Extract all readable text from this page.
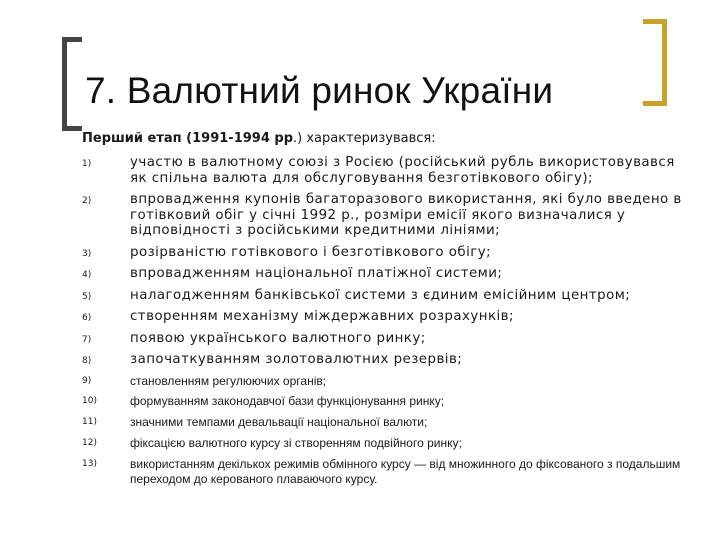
7. Валютний ринок України

Перший етап (1991-1994 рр.) характеризувався:

1)	участю в валютному союзі з Росією (російський рубль використовувався як спільна валюта для обслуговування безготівкового обігу);
2)	впровадження купонів багаторазового використання, які було введено в готівковий обіг у січні 1992 р., розміри емісії якого визначалися у відповідності з російськими кредитними лініями;
3)	розірваністю готівкового і безготівкового обігу;
4)	впровадженням національної платіжної системи;
5)	налагодженням банківської системи з єдиним емісійним центром;
6)	створенням механізму міждержавних розрахунків;
7)	появою українського валютного ринку;
8)	започаткуванням золотовалютних резервів;
9)	становленням регулюючих органів;
10)	формуванням законодавчої бази функціонування ринку;
11)	значними темпами девальвації національної валюти;
12)	фіксацією валютного курсу зі створенням подвійного ринку;
13)	використанням декількох режимів обмінного курсу — від множинного до фіксованого з подальшим переходом до керованого плаваючого курсу.
